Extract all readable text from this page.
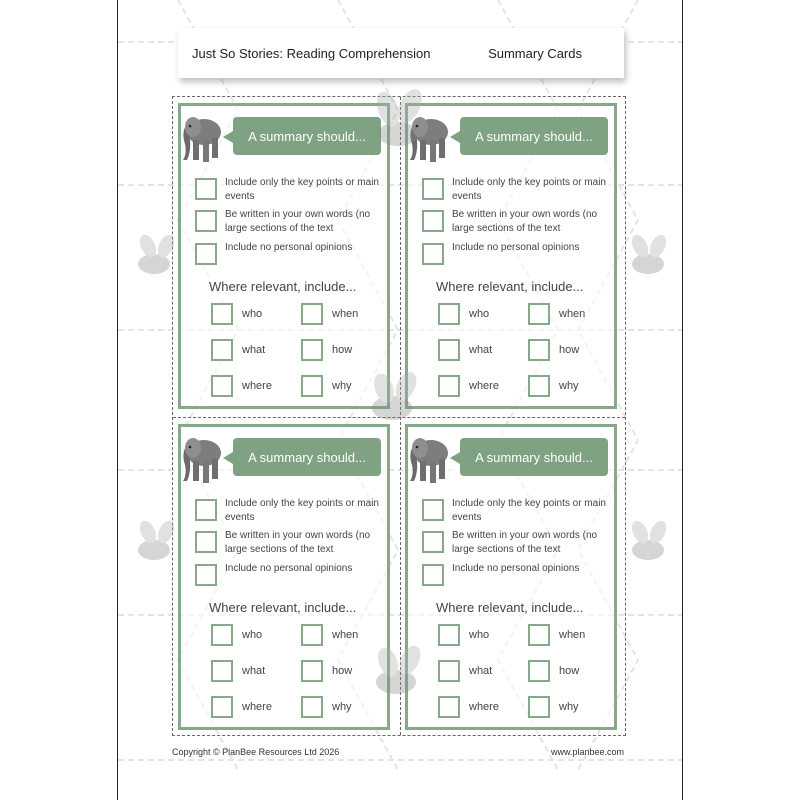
Just So Stories: Reading Comprehension	Summary Cards
A summary should...
Include only the key points or main events
Be written in your own words (no large sections of the text
Include no personal opinions
Where relevant, include...
who	when
what	how
where	why
A summary should...
Include only the key points or main events
Be written in your own words (no large sections of the text
Include no personal opinions
Where relevant, include...
who	when
what	how
where	why
A summary should...
Include only the key points or main events
Be written in your own words (no large sections of the text
Include no personal opinions
Where relevant, include...
who	when
what	how
where	why
A summary should...
Include only the key points or main events
Be written in your own words (no large sections of the text
Include no personal opinions
Where relevant, include...
who	when
what	how
where	why
Copyright © PlanBee Resources Ltd 2026	www.planbee.com
